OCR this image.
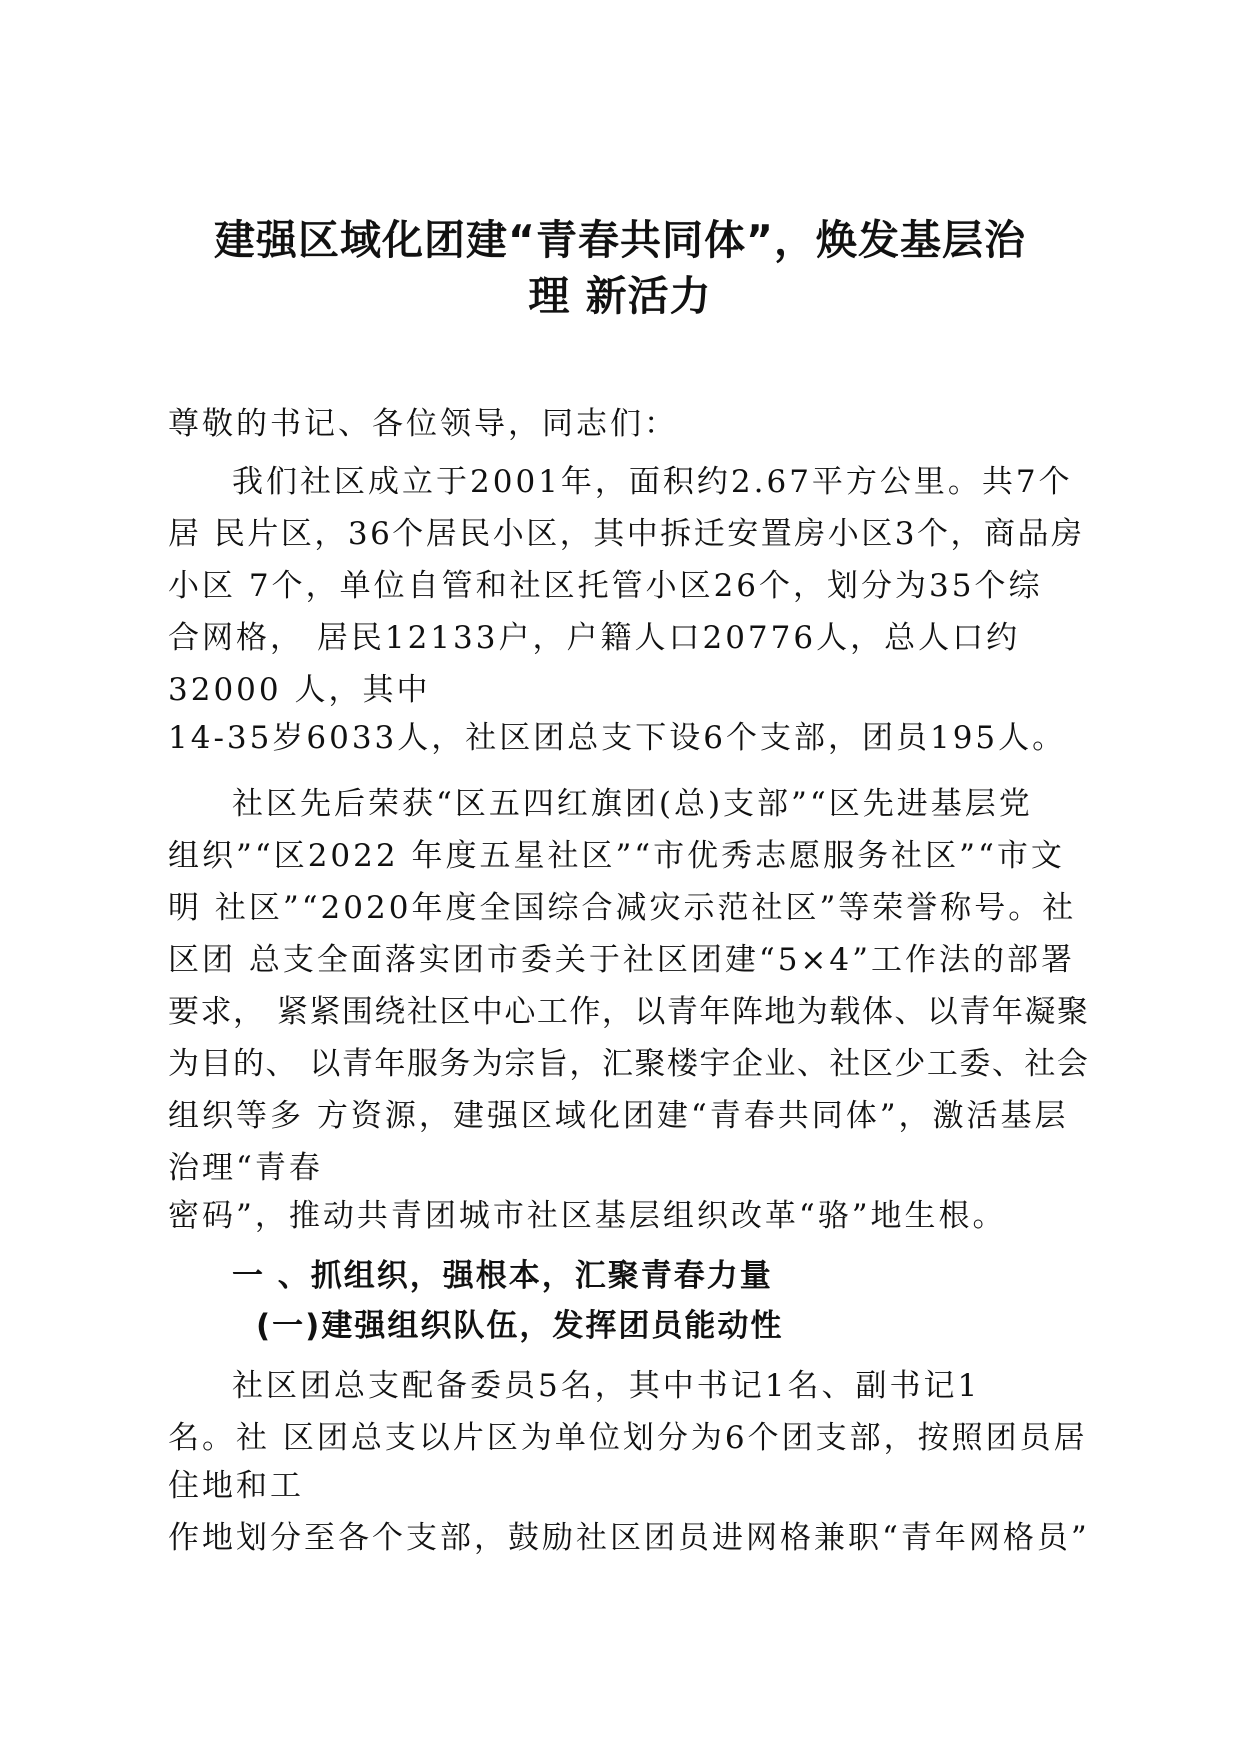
建强区域化团建“青春共同体”，焕发基层治
理 新活力
尊敬的书记、各位领导，同志们：
我们社区成立于2001年，面积约2.67平方公里。共7个
居 民片区，36个居民小区，其中拆迁安置房小区3个，商品房
小区 7个，单位自管和社区托管小区26个，划分为35个综
合网格， 居民12133户，户籍人口20776人，总人口约
32000 人，其中
14-35岁6033人，社区团总支下设6个支部，团员195人。
社区先后荣获“区五四红旗团(总)支部”“区先进基层党
组织”“区2022 年度五星社区”“市优秀志愿服务社区”“市文
明 社区”“2020年度全国综合减灾示范社区”等荣誉称号。社
区团 总支全面落实团市委关于社区团建“5×4”工作法的部署
要求， 紧紧围绕社区中心工作，以青年阵地为载体、以青年凝聚
为目的、 以青年服务为宗旨，汇聚楼宇企业、社区少工委、社会
组织等多 方资源，建强区域化团建“青春共同体”，激活基层
治理“青春
密码”，推动共青团城市社区基层组织改革“骆”地生根。
一 、抓组织，强根本，汇聚青春力量
(一)建强组织队伍，发挥团员能动性
社区团总支配备委员5名，其中书记1名、副书记1
名。社 区团总支以片区为单位划分为6个团支部，按照团员居
住地和工
作地划分至各个支部，鼓励社区团员进网格兼职“青年网格员”
